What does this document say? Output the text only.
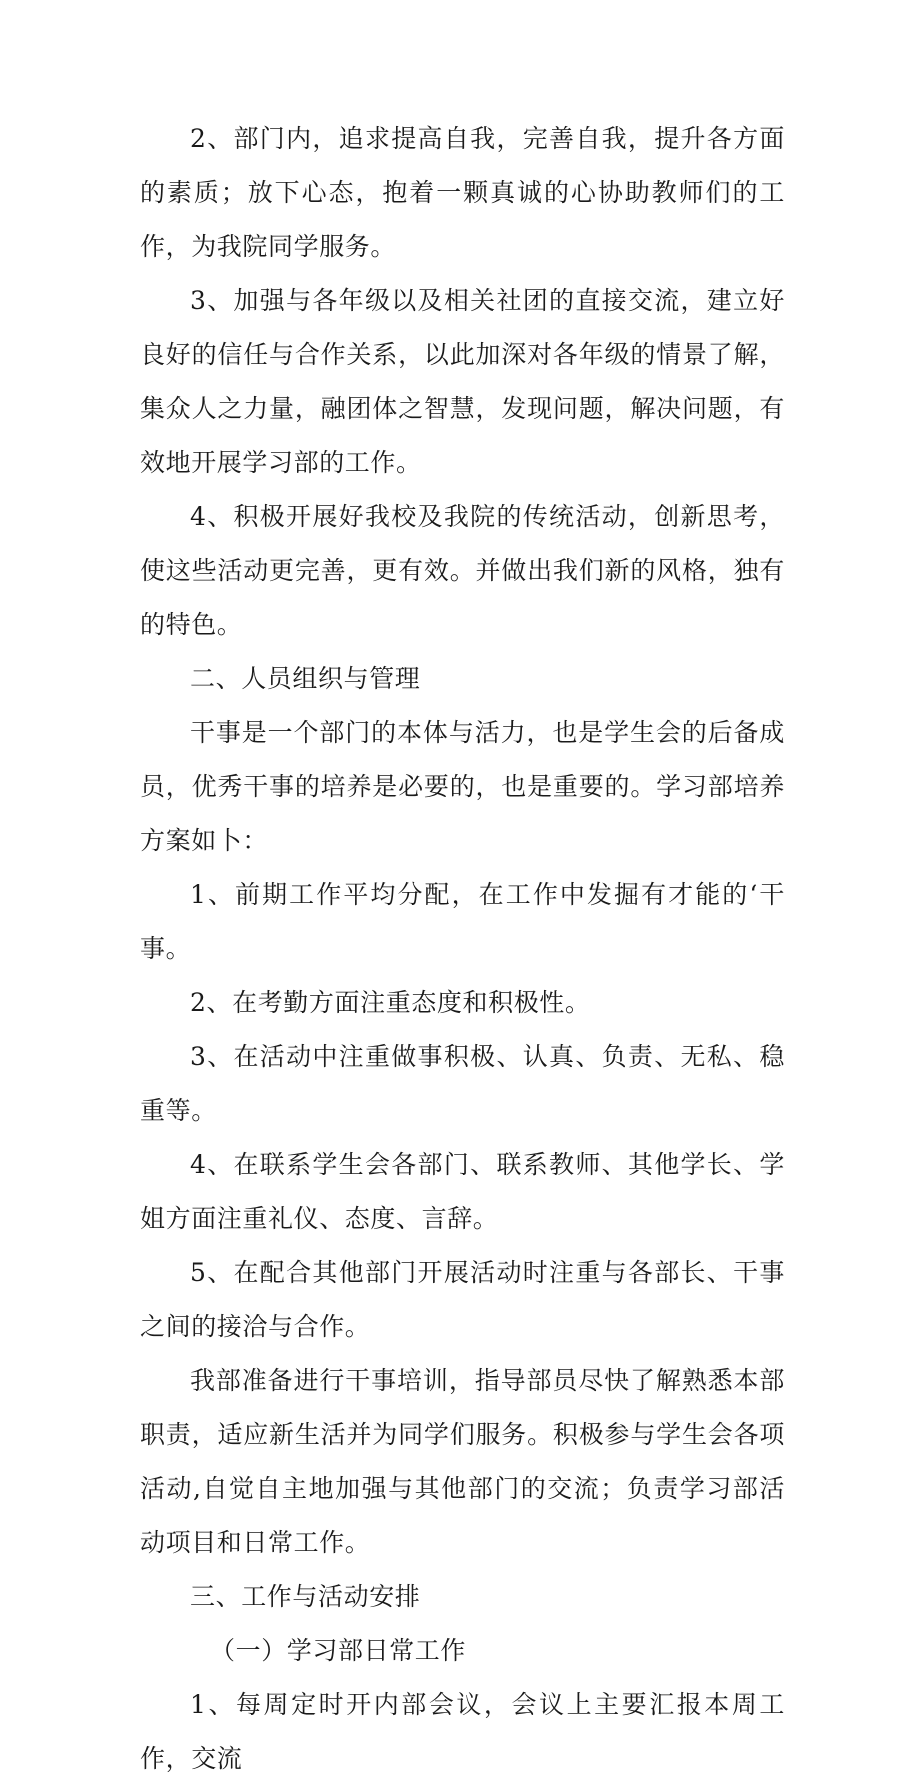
2、部门内，追求提高自我，完善自我，提升各方面的素质；放下心态，抱着一颗真诚的心协助教师们的工作，为我院同学服务。

3、加强与各年级以及相关社团的直接交流，建立好良好的信任与合作关系，以此加深对各年级的情景了解，集众人之力量，融团体之智慧，发现问题，解决问题，有效地开展学习部的工作。

4、积极开展好我校及我院的传统活动，创新思考，使这些活动更完善，更有效。并做出我们新的风格，独有的特色。

二、人员组织与管理

干事是一个部门的本体与活力，也是学生会的后备成员，优秀干事的培养是必要的，也是重要的。学习部培养方案如卜：

1、前期工作平均分配，在工作中发掘有才能的‘干事。

2、在考勤方面注重态度和积极性。

3、在活动中注重做事积极、认真、负责、无私、稳重等。

4、在联系学生会各部门、联系教师、其他学长、学姐方面注重礼仪、态度、言辞。

5、在配合其他部门开展活动时注重与各部长、干事之间的接洽与合作。

我部准备进行干事培训，指导部员尽快了解熟悉本部职责，适应新生活并为同学们服务。积极参与学生会各项活动,自觉自主地加强与其他部门的交流；负责学习部活动项目和日常工作。

三、工作与活动安排

（一）学习部日常工作

1、每周定时开内部会议，会议上主要汇报本周工作，交流
